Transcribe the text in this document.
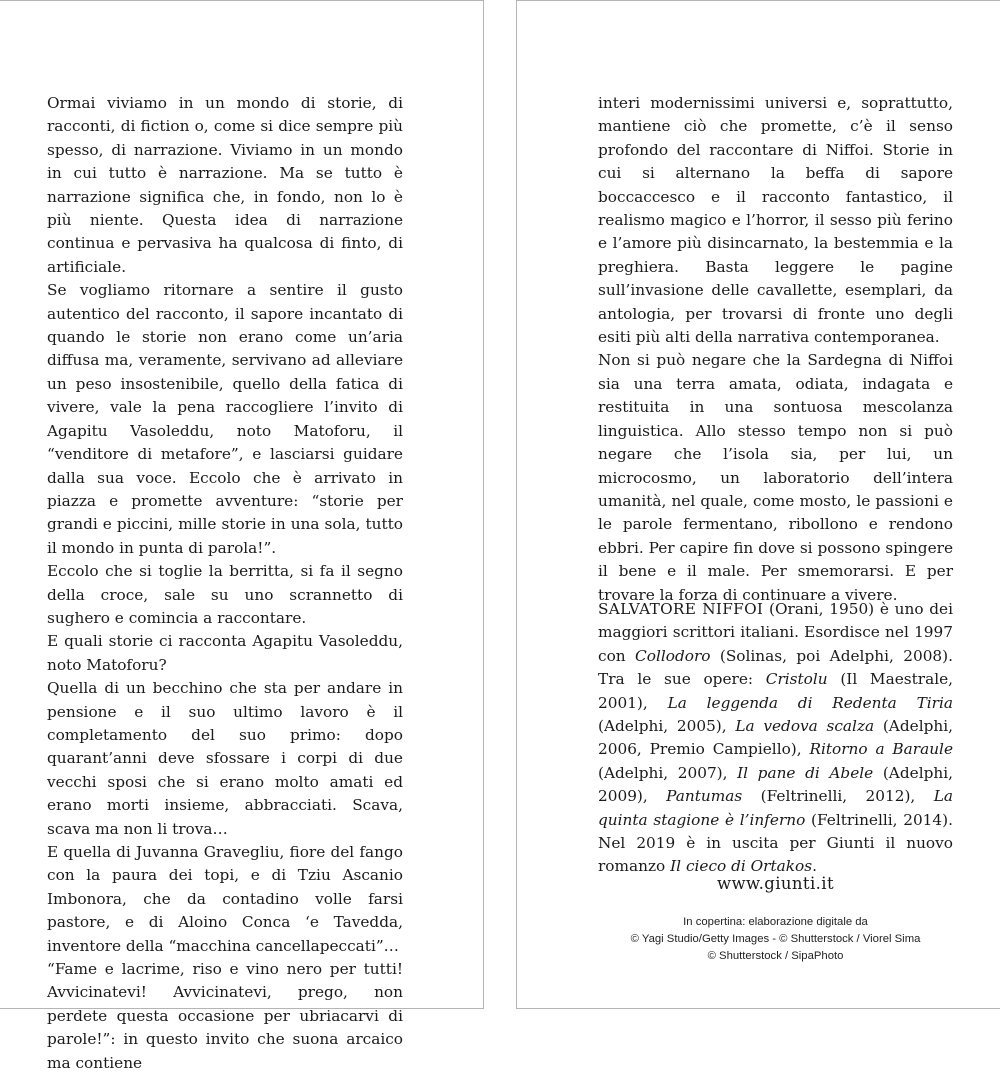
Ormai viviamo in un mondo di storie, di racconti, di fiction o, come si dice sempre più spesso, di narrazione. Viviamo in un mondo in cui tutto è narrazione. Ma se tutto è narrazione significa che, in fondo, non lo è più niente. Questa idea di narrazione continua e pervasiva ha qualcosa di finto, di artificiale.

Se vogliamo ritornare a sentire il gusto autentico del racconto, il sapore incantato di quando le storie non erano come un’aria diffusa ma, veramente, servivano ad alleviare un peso insostenibile, quello della fatica di vivere, vale la pena raccogliere l’invito di Agapitu Vasoleddu, noto Matoforu, il “venditore di metafore”, e lasciarsi guidare dalla sua voce. Eccolo che è arrivato in piazza e promette avventure: “storie per grandi e piccini, mille storie in una sola, tutto il mondo in punta di parola!”.

Eccolo che si toglie la berritta, si fa il segno della croce, sale su uno scrannetto di sughero e comincia a raccontare.

E quali storie ci racconta Agapitu Vasoleddu, noto Matoforu?

Quella di un becchino che sta per andare in pensione e il suo ultimo lavoro è il completamento del suo primo: dopo quarant’anni deve sfossare i corpi di due vecchi sposi che si erano molto amati ed erano morti insieme, abbracciati. Scava, scava ma non li trova…

E quella di Juvanna Gravegliu, fiore del fango con la paura dei topi, e di Tziu Ascanio Imbonora, che da contadino volle farsi pastore, e di Aloino Conca ‘e Tavedda, inventore della “macchina cancellapeccati”…

“Fame e lacrime, riso e vino nero per tutti! Avvicinatevi! Avvicinatevi, prego, non perdete questa occasione per ubriacarvi di parole!”: in questo invito che suona arcaico ma contiene

interi modernissimi universi e, soprattutto, mantiene ciò che promette, c’è il senso profondo del raccontare di Niffoi. Storie in cui si alternano la beffa di sapore boccaccesco e il racconto fantastico, il realismo magico e l’horror, il sesso più ferino e l’amore più disincarnato, la bestemmia e la preghiera. Basta leggere le pagine sull’invasione delle cavallette, esemplari, da antologia, per trovarsi di fronte uno degli esiti più alti della narrativa contemporanea.

Non si può negare che la Sardegna di Niffoi sia una terra amata, odiata, indagata e restituita in una sontuosa mescolanza linguistica. Allo stesso tempo non si può negare che l’isola sia, per lui, un microcosmo, un laboratorio dell’intera umanità, nel quale, come mosto, le passioni e le parole fermentano, ribollono e rendono ebbri. Per capire fin dove si possono spingere il bene e il male. Per smemorarsi. E per trovare la forza di continuare a vivere.

SALVATORE NIFFOI (Orani, 1950) è uno dei maggiori scrittori italiani. Esordisce nel 1997 con Collodoro (Solinas, poi Adelphi, 2008). Tra le sue opere: Cristolu (Il Maestrale, 2001), La leggenda di Redenta Tiria (Adelphi, 2005), La vedova scalza (Adelphi, 2006, Premio Campiello), Ritorno a Baraule (Adelphi, 2007), Il pane di Abele (Adelphi, 2009), Pantumas (Feltrinelli, 2012), La quinta stagione è l’inferno (Feltrinelli, 2014). Nel 2019 è in uscita per Giunti il nuovo romanzo Il cieco di Ortakos.

www.giunti.it
In copertina: elaborazione digitale da
© Yagi Studio/Getty Images - © Shutterstock / Viorel Sima
© Shutterstock / SipaPhoto
